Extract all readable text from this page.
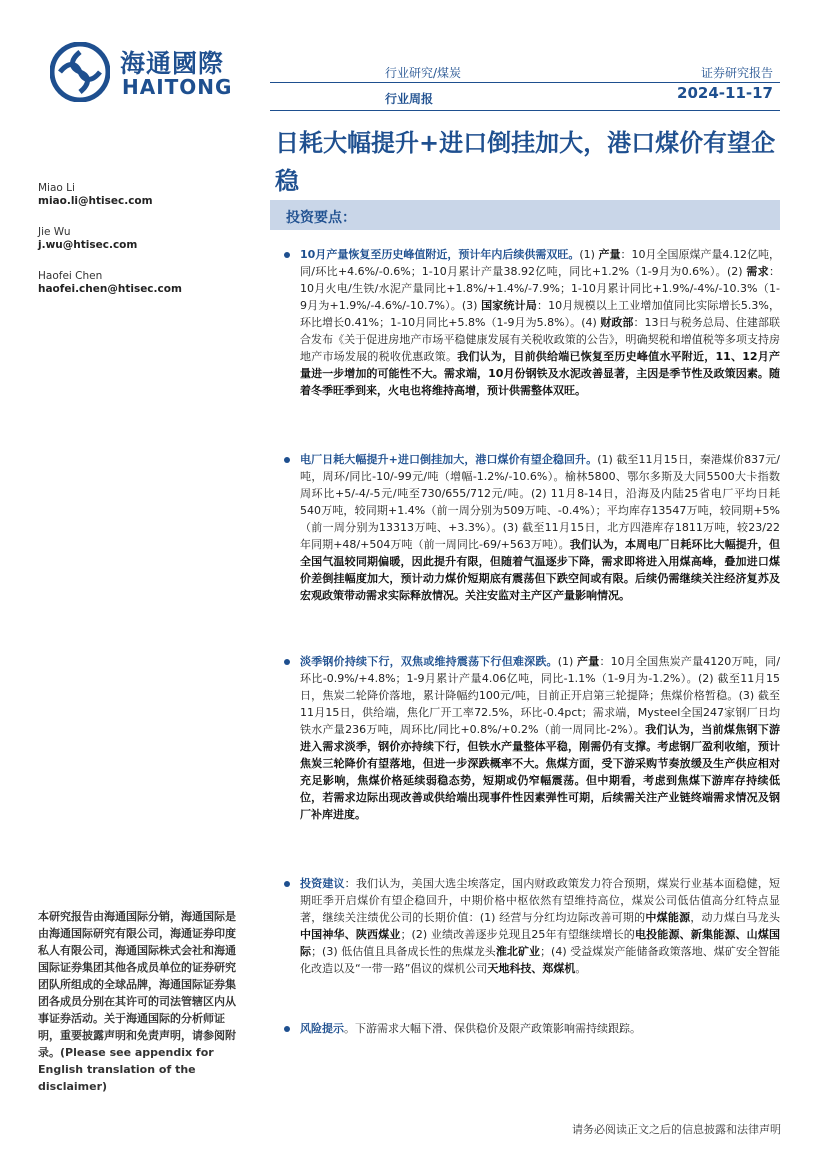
海通國際
HAITONG
行业研究/煤炭	证券研究报告
行业周报	2024-11-17
日耗大幅提升+进口倒挂加大，港口煤价有望企稳
Miao Li
miao.li@htisec.com
Jie Wu
j.wu@htisec.com
Haofei Chen
haofei.chen@htisec.com
投资要点：
10月产量恢复至历史峰值附近，预计年内后续供需双旺。(1) 产量：10月全国原煤产量4.12亿吨，同/环比+4.6%/-0.6%；1-10月累计产量38.92亿吨，同比+1.2%（1-9月为0.6%）。(2) 需求：10月火电/生铁/水泥产量同比+1.8%/+1.4%/-7.9%；1-10月累计同比+1.9%/-4%/-10.3%（1-9月为+1.9%/-4.6%/-10.7%）。(3) 国家统计局：10月规模以上工业增加值同比实际增长5.3%，环比增长0.41%；1-10月同比+5.8%（1-9月为5.8%）。(4) 财政部：13日与税务总局、住建部联合发布《关于促进房地产市场平稳健康发展有关税收政策的公告》，明确契税和增值税等多项支持房地产市场发展的税收优惠政策。我们认为，目前供给端已恢复至历史峰值水平附近，11、12月产量进一步增加的可能性不大。需求端，10月份钢铁及水泥改善显著，主因是季节性及政策因素。随着冬季旺季到来，火电也将维持高增，预计供需整体双旺。
电厂日耗大幅提升+进口倒挂加大，港口煤价有望企稳回升。(1) 截至11月15日，秦港煤价837元/吨，周环/同比-10/-99元/吨（增幅-1.2%/-10.6%）。榆林5800、鄂尔多斯及大同5500大卡指数周环比+5/-4/-5元/吨至730/655/712元/吨。(2) 11月8-14日，沿海及内陆25省电厂平均日耗540万吨，较同期+1.4%（前一周分别为509万吨、-0.4%）；平均库存13547万吨，较同期+5%（前一周分别为13313万吨、+3.3%）。(3) 截至11月15日，北方四港库存1811万吨，较23/22年同期+48/+504万吨（前一周同比-69/+563万吨）。我们认为，本周电厂日耗环比大幅提升，但全国气温较同期偏暖，因此提升有限，但随着气温逐步下降，需求即将进入用煤高峰，叠加进口煤价差倒挂幅度加大，预计动力煤价短期底有震荡但下跌空间或有限。后续仍需继续关注经济复苏及宏观政策带动需求实际释放情况。关注安监对主产区产量影响情况。
淡季钢价持续下行，双焦或维持震荡下行但难深跌。(1) 产量：10月全国焦炭产量4120万吨，同/环比-0.9%/+4.8%；1-9月累计产量4.06亿吨，同比-1.1%（1-9月为-1.2%）。(2) 截至11月15日，焦炭二轮降价落地，累计降幅约100元/吨，目前正开启第三轮提降；焦煤价格暂稳。(3) 截至11月15日，供给端，焦化厂开工率72.5%，环比-0.4pct；需求端，Mysteel全国247家钢厂日均铁水产量236万吨，周环比/同比+0.8%/+0.2%（前一周同比-2%）。我们认为，当前煤焦钢下游进入需求淡季，钢价亦持续下行，但铁水产量整体平稳，刚需仍有支撑。考虑钢厂盈利收缩，预计焦炭三轮降价有望落地，但进一步深跌概率不大。焦煤方面，受下游采购节奏放缓及生产供应相对充足影响，焦煤价格延续弱稳态势，短期或仍窄幅震荡。但中期看，考虑到焦煤下游库存持续低位，若需求边际出现改善或供给端出现事件性因素弹性可期，后续需关注产业链终端需求情况及钢厂补库进度。
投资建议：我们认为，美国大选尘埃落定，国内财政政策发力符合预期，煤炭行业基本面稳健，短期旺季开启煤价有望企稳回升，中期价格中枢依然有望维持高位，煤炭公司低估值高分红特点显著，继续关注绩优公司的长期价值：(1) 经营与分红均边际改善可期的中煤能源，动力煤白马龙头中国神华、陕西煤业；(2) 业绩改善逐步兑现且25年有望继续增长的电投能源、新集能源、山煤国际；(3) 低估值且具备成长性的焦煤龙头淮北矿业；(4) 受益煤炭产能储备政策落地、煤矿安全智能化改造以及“一带一路”倡议的煤机公司天地科技、郑煤机。
风险提示。下游需求大幅下滑、保供稳价及限产政策影响需持续跟踪。
本研究报告由海通国际分销，海通国际是由海通国际研究有限公司，海通证券印度私人有限公司，海通国际株式会社和海通国际证券集团其他各成员单位的证券研究团队所组成的全球品牌，海通国际证券集团各成员分别在其许可的司法管辖区内从事证券活动。关于海通国际的分析师证明，重要披露声明和免责声明，请参阅附录。(Please see appendix for English translation of the disclaimer)
请务必阅读正文之后的信息披露和法律声明
